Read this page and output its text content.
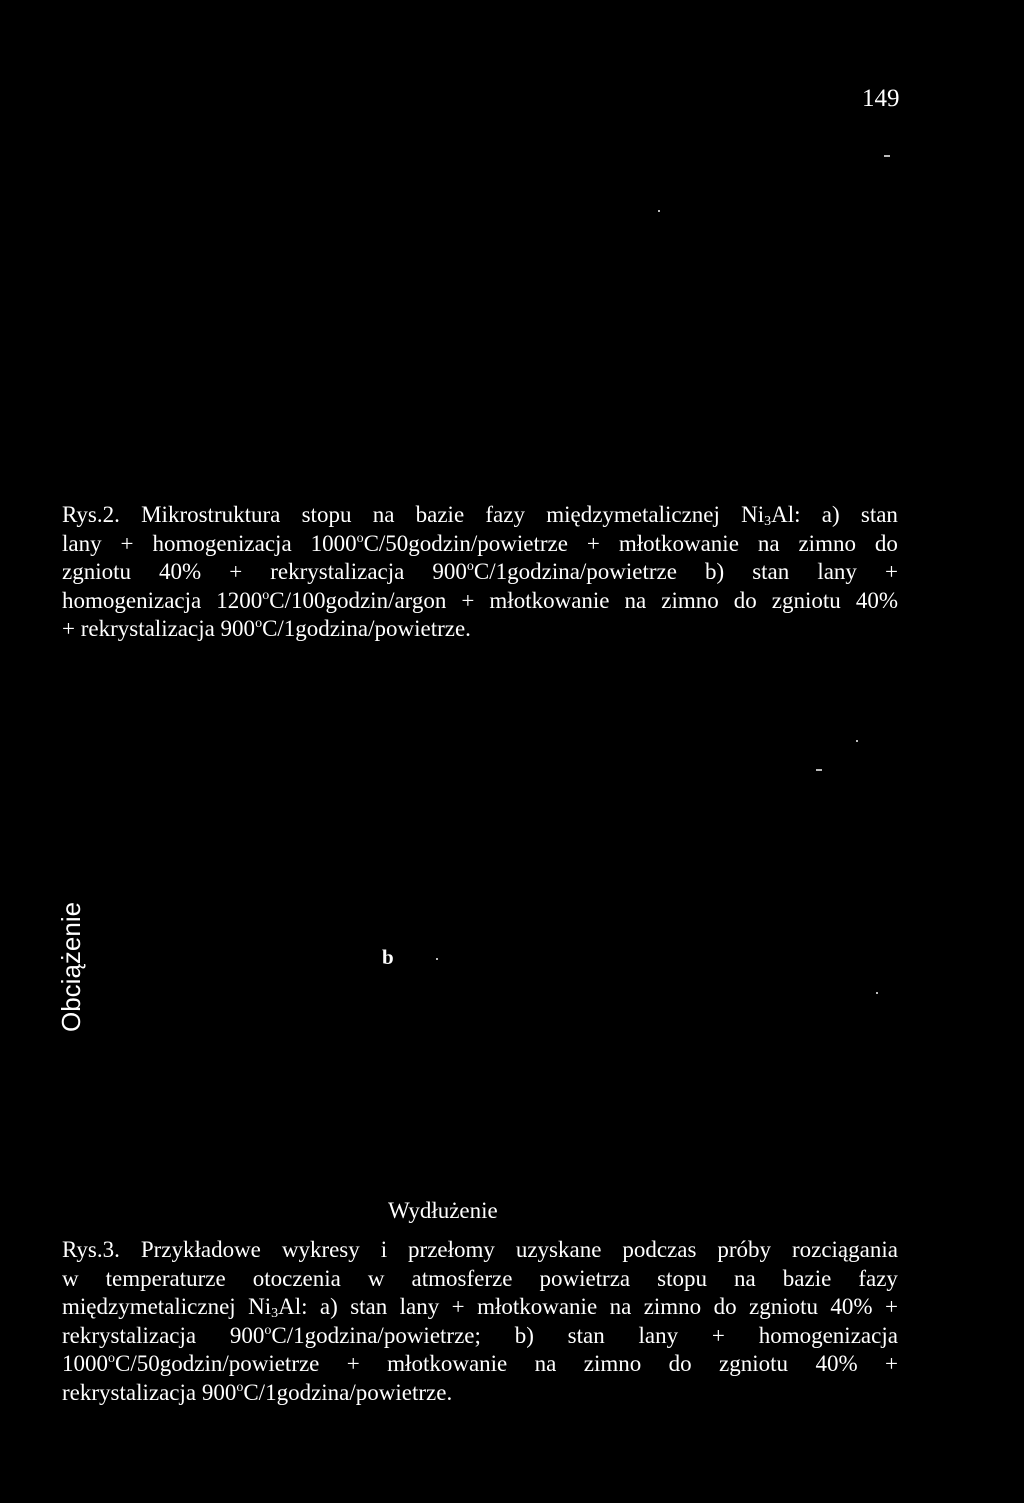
149
Rys.2. Mikrostruktura stopu na bazie fazy międzymetalicznej $Ni_3Al$: a) stan
lany + homogenizacja $1000^oC/50godzin$/powietrze + młotkowanie na zimno do
zgniotu 40% + rekrystalizacja 900$^o$C/1godzina/powietrze b) stan lany +
homogenizacja $1200^oC/100godzin$/argon + młotkowanie na zimno do zgniotu 40%
+ rekrystalizacja 900$^o$C/1godzina/powietrze.
Obciążenie	b
Wydłużenie
Rys.3. Przykładowe wykresy i przełomy uzyskane podczas próby rozciągania
w temperaturze otoczenia w atmosferze powietrza stopu na bazie fazy
międzymetalicznej $Ni_3Al$: a) stan lany + młotkowanie na zimno do zgniotu 40% +
rekrystalizacja 900$^o$C/1godzina/powietrze; b) stan lany + homogenizacja
$1000^oC/50godzin$/powietrze + młotkowanie na zimno do zgniotu 40% +
rekrystalizacja 900$^o$C/1godzina/powietrze.
